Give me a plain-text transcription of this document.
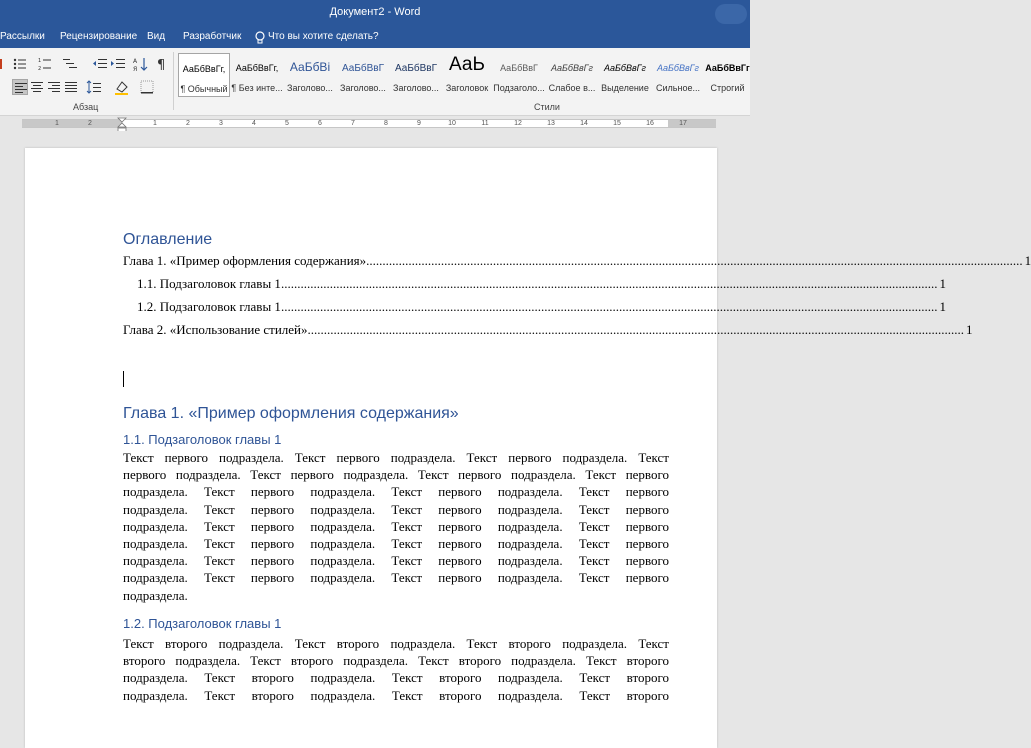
Документ2 - Word
Рассылки Рецензирование Вид Разработчик	Что вы хотите сделать?
1
2
А
Я ¶
Абзац
АаБбВвГг,
¶ Обычный
АаБбВвГг,
¶ Без инте...
АаБбВі
Заголово...
АаБбВвГ
Заголово...
АаБбВвГ
Заголово...
АаЬ
Заголовок
АаБбВвГ
Подзаголо...
АаБбВвГг
Слабое в...
АаБбВвГг
Выделение
АаБбВвГг
Сильное...
АаБбВвГг
Строгий
Стили
1	2	1	2	3	4	5	6	7	8	9	10	11	12	13	14	15	16	17
Оглавление
Глава 1. «Пример оформления содержания» .......................................................................................................................................................................................................... 1
1.1. Подзаголовок главы 1 .......................................................................................................................................................................................................... 1
1.2. Подзаголовок главы 1 .......................................................................................................................................................................................................... 1
Глава 2. «Использование стилей» .......................................................................................................................................................................................................... 1
Глава 1. «Пример оформления содержания»
1.1. Подзаголовок главы 1
Текст первого подраздела. Текст первого подраздела. Текст первого подраздела. Текст
первого подраздела. Текст первого подраздела. Текст первого подраздела. Текст первого
подраздела. Текст первого подраздела. Текст первого подраздела. Текст первого
подраздела. Текст первого подраздела. Текст первого подраздела. Текст первого
подраздела. Текст первого подраздела. Текст первого подраздела. Текст первого
подраздела. Текст первого подраздела. Текст первого подраздела. Текст первого
подраздела. Текст первого подраздела. Текст первого подраздела. Текст первого
подраздела. Текст первого подраздела. Текст первого подраздела. Текст первого
подраздела.
1.2. Подзаголовок главы 1
Текст второго подраздела. Текст второго подраздела. Текст второго подраздела. Текст
второго подраздела. Текст второго подраздела. Текст второго подраздела. Текст второго
подраздела. Текст второго подраздела. Текст второго подраздела. Текст второго
подраздела. Текст второго подраздела. Текст второго подраздела. Текст второго
